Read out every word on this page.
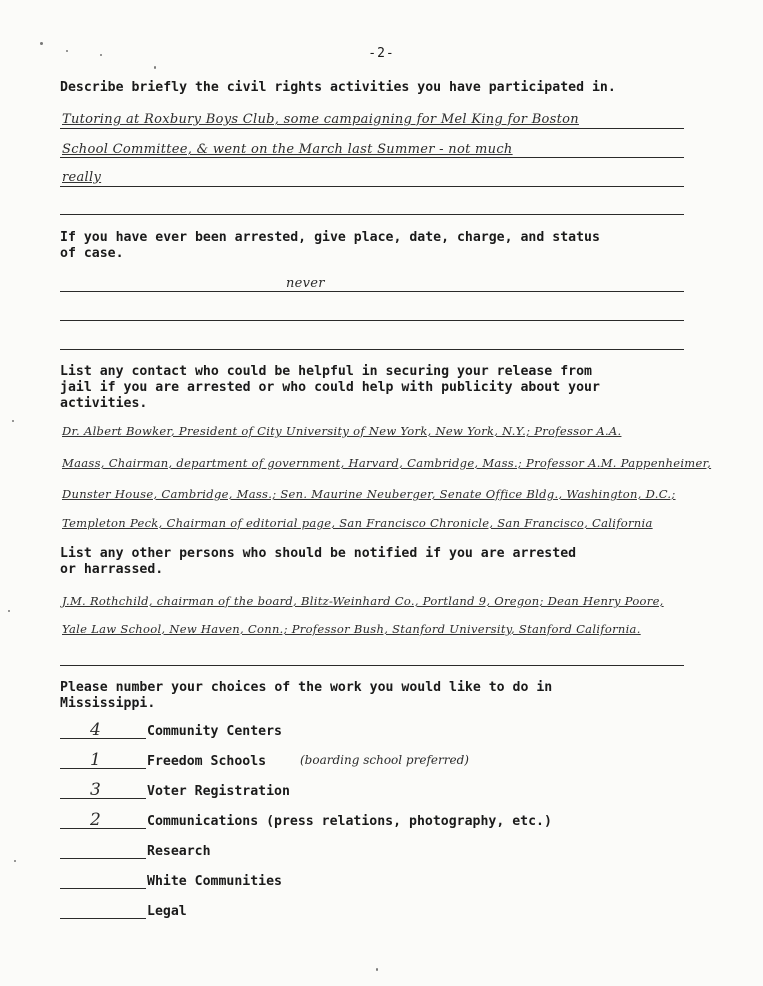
-2-
Describe briefly the civil rights activities you have participated in.
Tutoring at Roxbury Boys Club, some campaigning for Mel King for Boston
School Committee, & went on the March last Summer - not much
really
If you have ever been arrested, give place, date, charge, and status
of case.
never
List any contact who could be helpful in securing your release from
jail if you are arrested or who could help with publicity about your
activities.
Dr. Albert Bowker, President of City University of New York, New York, N.Y.; Professor A.A.
Maass, Chairman, department of government, Harvard, Cambridge, Mass.; Professor A.M. Pappenheimer,
Dunster House, Cambridge, Mass.; Sen. Maurine Neuberger, Senate Office Bldg., Washington, D.C.;
Templeton Peck, Chairman of editorial page, San Francisco Chronicle, San Francisco, California
List any other persons who should be notified if you are arrested
or harrassed.
J.M. Rothchild, chairman of the board, Blitz-Weinhard Co., Portland 9, Oregon; Dean Henry Poore,
Yale Law School, New Haven, Conn.; Professor Bush, Stanford University, Stanford California.
Please number your choices of the work you would like to do in
Mississippi.
4	Community Centers
1	Freedom Schools	(boarding school preferred)
3	Voter Registration
2	Communications (press relations, photography, etc.)
Research
White Communities
Legal
